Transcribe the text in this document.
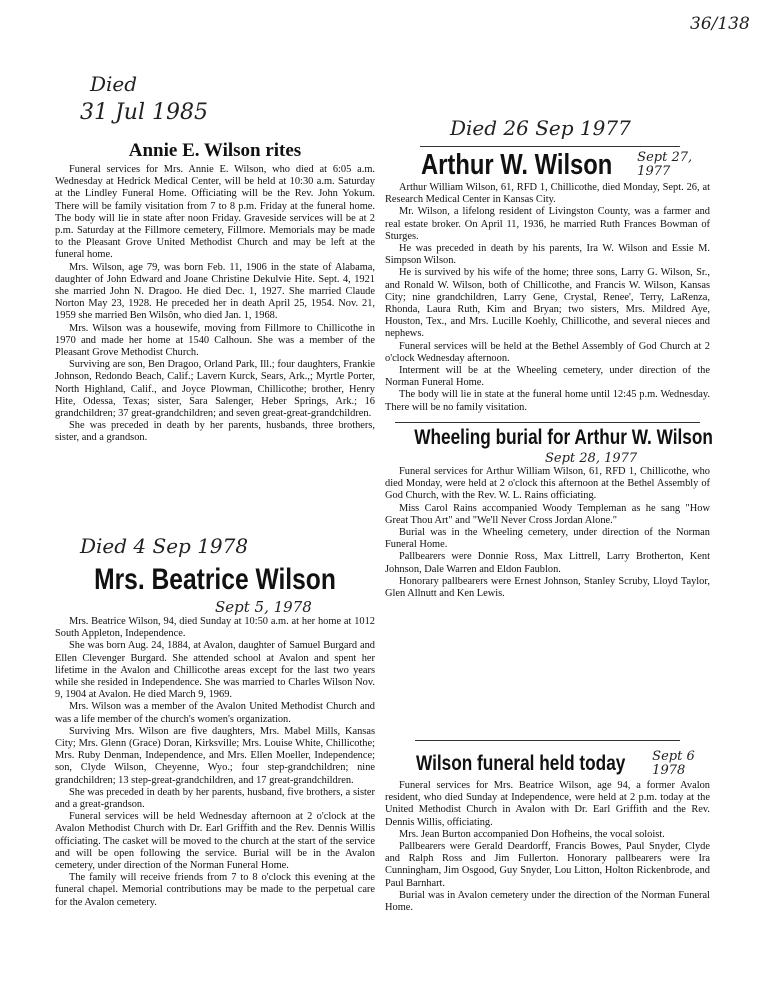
36/138
Died
31 Jul 1985
Annie E. Wilson rites

Funeral services for Mrs. Annie E. Wilson, who died at 6:05 a.m. Wednesday at Hedrick Medical Center, will be held at 10:30 a.m. Saturday at the Lindley Funeral Home. Officiating will be the Rev. John Yokum. There will be family visitation from 7 to 8 p.m. Friday at the funeral home. The body will lie in state after noon Friday. Graveside services will be at 2 p.m. Saturday at the Fillmore cemetery, Fillmore. Memorials may be made to the Pleasant Grove United Methodist Church and may be left at the funeral home.

Mrs. Wilson, age 79, was born Feb. 11, 1906 in the state of Alabama, daughter of John Edward and Joane Christine Dekulvie Hite. Sept. 4, 1921 she married John N. Dragoo. He died Dec. 1, 1927. She married Claude Norton May 23, 1928. He preceded her in death April 25, 1954. Nov. 21, 1959 she married Ben Wilsôn, who died Jan. 1, 1968.

Mrs. Wilson was a housewife, moving from Fillmore to Chillicothe in 1970 and made her home at 1540 Calhoun. She was a member of the Pleasant Grove Methodist Church.

Surviving are son, Ben Dragoo, Orland Park, Ill.; four daughters, Frankie Johnson, Redondo Beach, Calif.; Lavern Kurck, Sears, Ark.,; Myrtle Porter, North Highland, Calif., and Joyce Plowman, Chillicothe; brother, Henry Hite, Odessa, Texas; sister, Sara Salenger, Heber Springs, Ark.; 16 grandchildren; 37 great-grandchildren; and seven great-great-grandchildren.

She was preceded in death by her parents, husbands, three brothers, sister, and a grandson.

Died 4 Sep 1978
Mrs. Beatrice Wilson
Sept 5, 1978

Mrs. Beatrice Wilson, 94, died Sunday at 10:50 a.m. at her home at 1012 South Appleton, Independence.

She was born Aug. 24, 1884, at Avalon, daughter of Samuel Burgard and Ellen Clevenger Burgard. She attended school at Avalon and spent her lifetime in the Avalon and Chillicothe areas except for the last two years while she resided in Independence. She was married to Charles Wilson Nov. 9, 1904 at Avalon. He died March 9, 1969.

Mrs. Wilson was a member of the Avalon United Methodist Church and was a life member of the church's women's organization.

Surviving Mrs. Wilson are five daughters, Mrs. Mabel Mills, Kansas City; Mrs. Glenn (Grace) Doran, Kirksville; Mrs. Louise White, Chillicothe; Mrs. Ruby Denman, Independence, and Mrs. Ellen Moeller, Independence; son, Clyde Wilson, Cheyenne, Wyo.; four step-grandchildren; nine grandchildren; 13 step-great-grandchildren, and 17 great-grandchildren.

She was preceded in death by her parents, husband, five brothers, a sister and a great-grandson.

Funeral services will be held Wednesday afternoon at 2 o'clock at the Avalon Methodist Church with Dr. Earl Griffith and the Rev. Dennis Willis officiating. The casket will be moved to the church at the start of the service and will be open following the service. Burial will be in the Avalon cemetery, under direction of the Norman Funeral Home.

The family will receive friends from 7 to 8 o'clock this evening at the funeral chapel. Memorial contributions may be made to the perpetual care for the Avalon cemetery.

Died 26 Sep 1977
Arthur W. Wilson Sept 27, 1977

Arthur William Wilson, 61, RFD 1, Chillicothe, died Monday, Sept. 26, at Research Medical Center in Kansas City.

Mr. Wilson, a lifelong resident of Livingston County, was a farmer and real estate broker. On April 11, 1936, he married Ruth Frances Bowman of Sturges.

He was preceded in death by his parents, Ira W. Wilson and Essie M. Simpson Wilson.

He is survived by his wife of the home; three sons, Larry G. Wilson, Sr., and Ronald W. Wilson, both of Chillicothe, and Francis W. Wilson, Kansas City; nine grandchildren, Larry Gene, Crystal, Renee', Terry, LaRenza, Rhonda, Laura Ruth, Kim and Bryan; two sisters, Mrs. Mildred Aye, Houston, Tex., and Mrs. Lucille Koehly, Chillicothe, and several nieces and nephews.

Funeral services will be held at the Bethel Assembly of God Church at 2 o'clock Wednesday afternoon.

Interment will be at the Wheeling cemetery, under direction of the Norman Funeral Home.

The body will lie in state at the funeral home until 12:45 p.m. Wednesday. There will be no family visitation.

Wheeling burial for Arthur W. Wilson
Sept 28, 1977

Funeral services for Arthur William Wilson, 61, RFD 1, Chillicothe, who died Monday, were held at 2 o'clock this afternoon at the Bethel Assembly of God Church, with the Rev. W. L. Rains officiating.

Miss Carol Rains accompanied Woody Templeman as he sang "How Great Thou Art" and "We'll Never Cross Jordan Alone."

Burial was in the Wheeling cemetery, under direction of the Norman Funeral Home.

Pallbearers were Donnie Ross, Max Littrell, Larry Brotherton, Kent Johnson, Dale Warren and Eldon Faublon.

Honorary pallbearers were Ernest Johnson, Stanley Scruby, Lloyd Taylor, Glen Allnutt and Ken Lewis.

Wilson funeral held today Sept 6 1978

Funeral services for Mrs. Beatrice Wilson, age 94, a former Avalon resident, who died Sunday at Independence, were held at 2 p.m. today at the United Methodist Church in Avalon with Dr. Earl Griffith and the Rev. Dennis Willis, officiating.

Mrs. Jean Burton accompanied Don Hofheins, the vocal soloist.

Pallbearers were Gerald Deardorff, Francis Bowes, Paul Snyder, Clyde and Ralph Ross and Jim Fullerton. Honorary pallbearers were Ira Cunningham, Jim Osgood, Guy Snyder, Lou Litton, Holton Rickenbrode, and Paul Barnhart.

Burial was in Avalon cemetery under the direction of the Norman Funeral Home.
